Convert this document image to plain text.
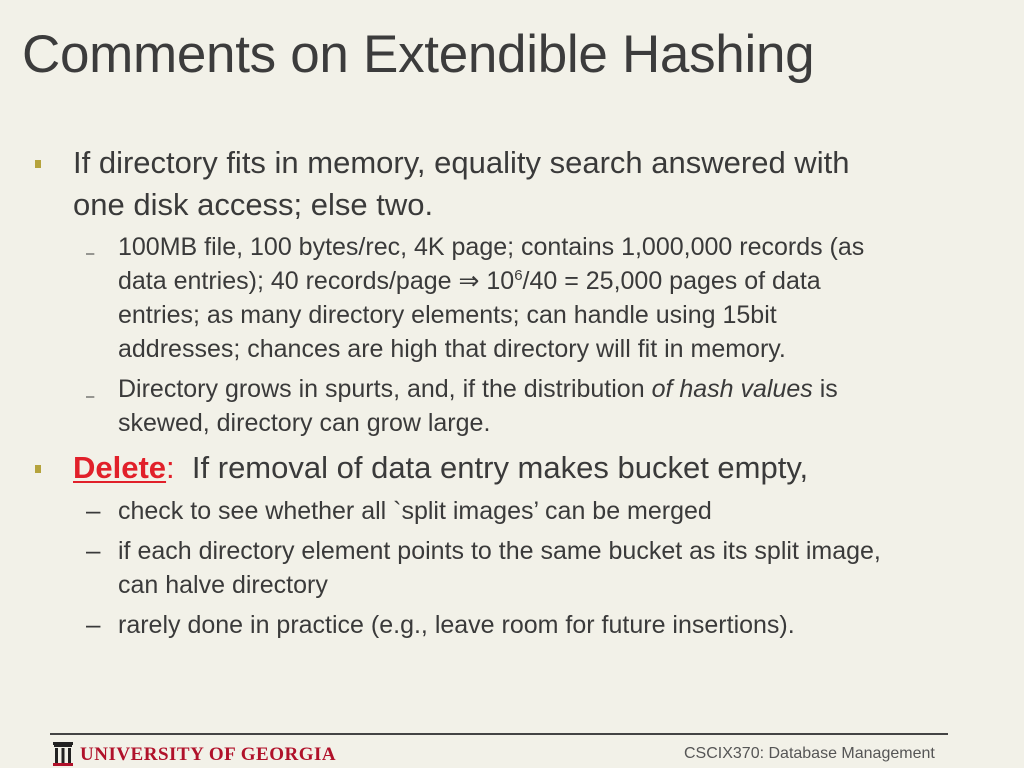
Comments on Extendible Hashing
If directory fits in memory, equality search answered with
one disk access; else two.
– 100MB file, 100 bytes/rec, 4K page; contains 1,000,000 records (as
data entries); 40 records/page ⇒ $10^6/40 = 25,000$ pages of data
entries; as many directory elements; can handle using 15bit
addresses; chances are high that directory will fit in memory.
– Directory grows in spurts, and, if the distribution of hash values is
skewed, directory can grow large.
Delete: If removal of data entry makes bucket empty,
– check to see whether all `split images’ can be merged
– if each directory element points to the same bucket as its split image,
can halve directory
– rarely done in practice (e.g., leave room for future insertions).
UNIVERSITY OF GEORGIA	CSCIX370: Database Management
